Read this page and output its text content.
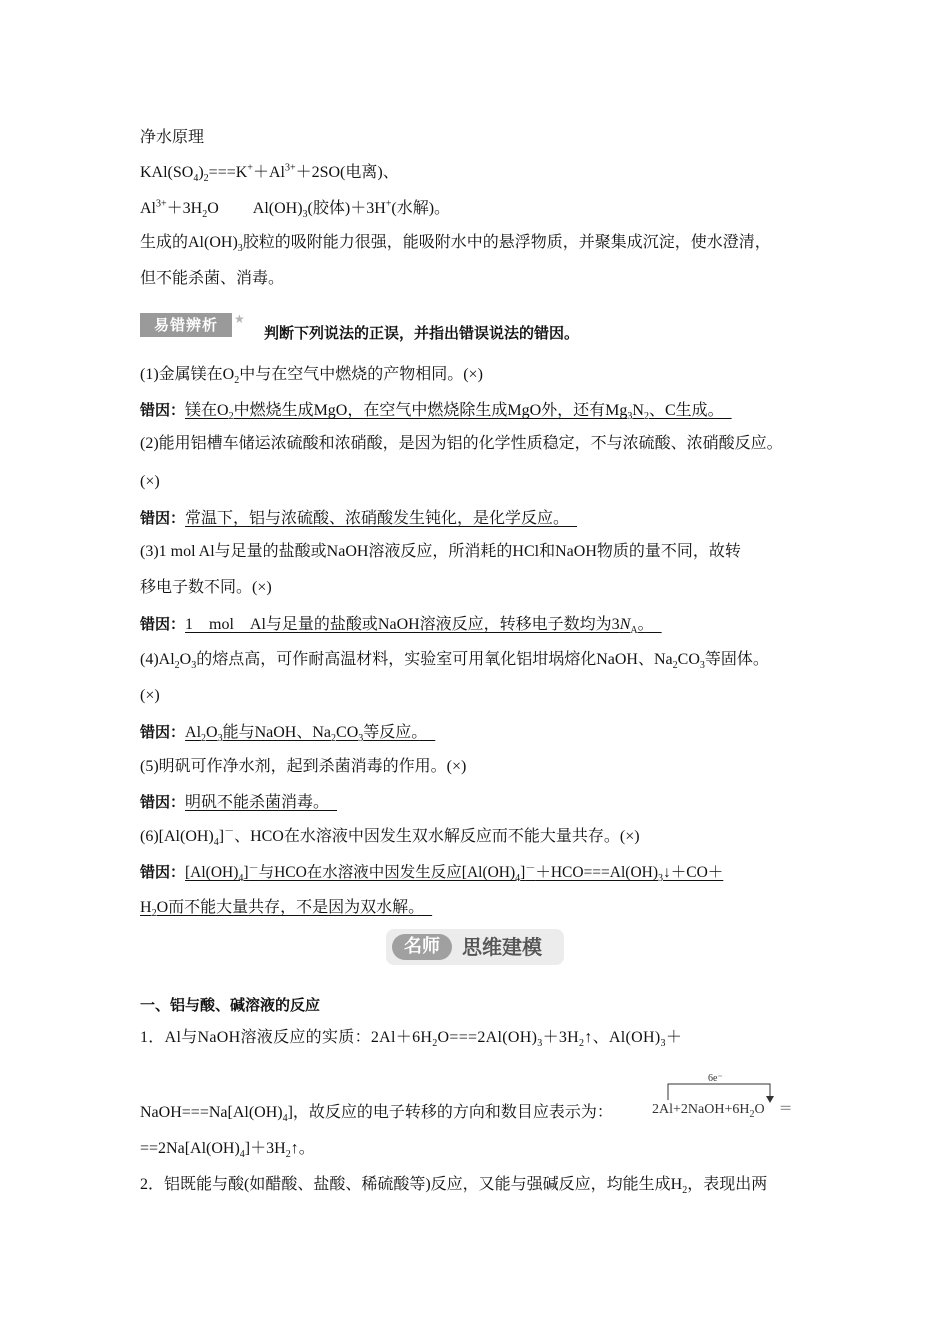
净水原理
$KAl(SO_4)_2===K^++Al^{3+}+2SO$(电离)、
$Al^{3+}+3H_2O$ $Al(OH)_3$(胶体)＋3H+(水解)。
生成的$Al(OH)_3$胶粒的吸附能力很强，能吸附水中的悬浮物质，并聚集成沉淀，使水澄清，
但不能杀菌、消毒。
易错辨析	★
判断下列说法的正误，并指出错误说法的错因。
(1)金属镁在$O_2$中与在空气中燃烧的产物相同。(×)
错因：镁在$O_2$中燃烧生成MgO，在空气中燃烧除生成MgO外，还有$Mg_3N_2$、C生成。　
(2)能用铝槽车储运浓硫酸和浓硝酸，是因为铝的化学性质稳定，不与浓硫酸、浓硝酸反应。
(×)
错因：常温下，铝与浓硫酸、浓硝酸发生钝化，是化学反应。　
(3)1 mol Al与足量的盐酸或NaOH溶液反应，所消耗的HCl和NaOH物质的量不同，故转
移电子数不同。(×)
错因：1　mol　Al与足量的盐酸或NaOH溶液反应，转移电子数均为$3N_A$。　
$(4)Al_2O_3$的熔点高，可作耐高温材料，实验室可用氧化铝坩埚熔化NaOH、$Na_2CO_3$等固体。
(×)
错因：$Al_2O_3$能与NaOH、$Na_2CO_3$等反应。　
(5)明矾可作净水剂，起到杀菌消毒的作用。(×)
错因：明矾不能杀菌消毒。　
$(6)[Al(OH)_4]^-$、HCO在水溶液中因发生双水解反应而不能大量共存。(×)
错因：$[Al(OH)_4]^-$与HCO在水溶液中因发生反应$[Al(OH)_4]^-+HCO===Al(OH)_3↓+CO+$
$H_2O$而不能大量共存，不是因为双水解。　
名师	思维建模
一、铝与酸、碱溶液的反应
1．Al与NaOH溶液反应的实质：$2Al+6H_2O===2Al(OH)_3+3H_2↑$、$Al(OH)_3+$
6e⁻
$NaOH===Na[Al(OH)_4]$，故反应的电子转移的方向和数目应表示为：	$2Al+2NaOH+6H_2O$ ＝
$==2Na[Al(OH)_4]+3H_2↑$。
2．铝既能与酸(如醋酸、盐酸、稀硫酸等)反应，又能与强碱反应，均能生成$H_2$，表现出两
